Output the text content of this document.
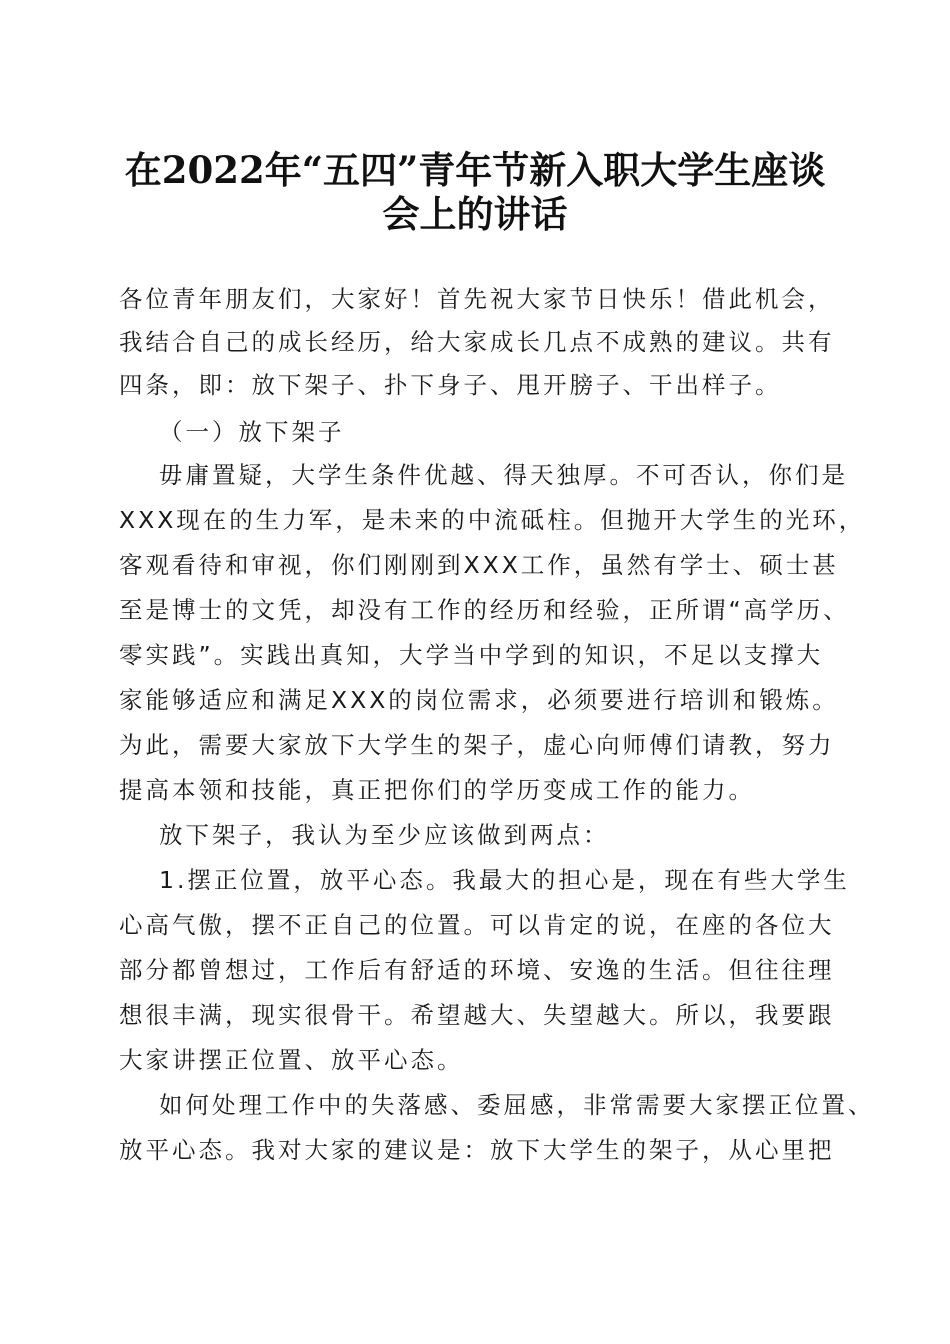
在2022年“五四”青年节新入职大学生座谈
会上的讲话

各位青年朋友们，大家好！首先祝大家节日快乐！借此机会，

我结合自己的成长经历，给大家成长几点不成熟的建议。共有

四条，即：放下架子、扑下身子、甩开膀子、干出样子。

（一）放下架子

毋庸置疑，大学生条件优越、得天独厚。不可否认，你们是

XXX现在的生力军，是未来的中流砥柱。但抛开大学生的光环，

客观看待和审视，你们刚刚到XXX工作，虽然有学士、硕士甚

至是博士的文凭，却没有工作的经历和经验，正所谓“高学历、

零实践”。实践出真知，大学当中学到的知识，不足以支撑大

家能够适应和满足XXX的岗位需求，必须要进行培训和锻炼。

为此，需要大家放下大学生的架子，虚心向师傅们请教，努力

提高本领和技能，真正把你们的学历变成工作的能力。

放下架子，我认为至少应该做到两点：

1.摆正位置，放平心态。我最大的担心是，现在有些大学生

心高气傲，摆不正自己的位置。可以肯定的说，在座的各位大

部分都曾想过，工作后有舒适的环境、安逸的生活。但往往理

想很丰满，现实很骨干。希望越大、失望越大。所以，我要跟

大家讲摆正位置、放平心态。

如何处理工作中的失落感、委屈感，非常需要大家摆正位置、

放平心态。我对大家的建议是：放下大学生的架子，从心里把
